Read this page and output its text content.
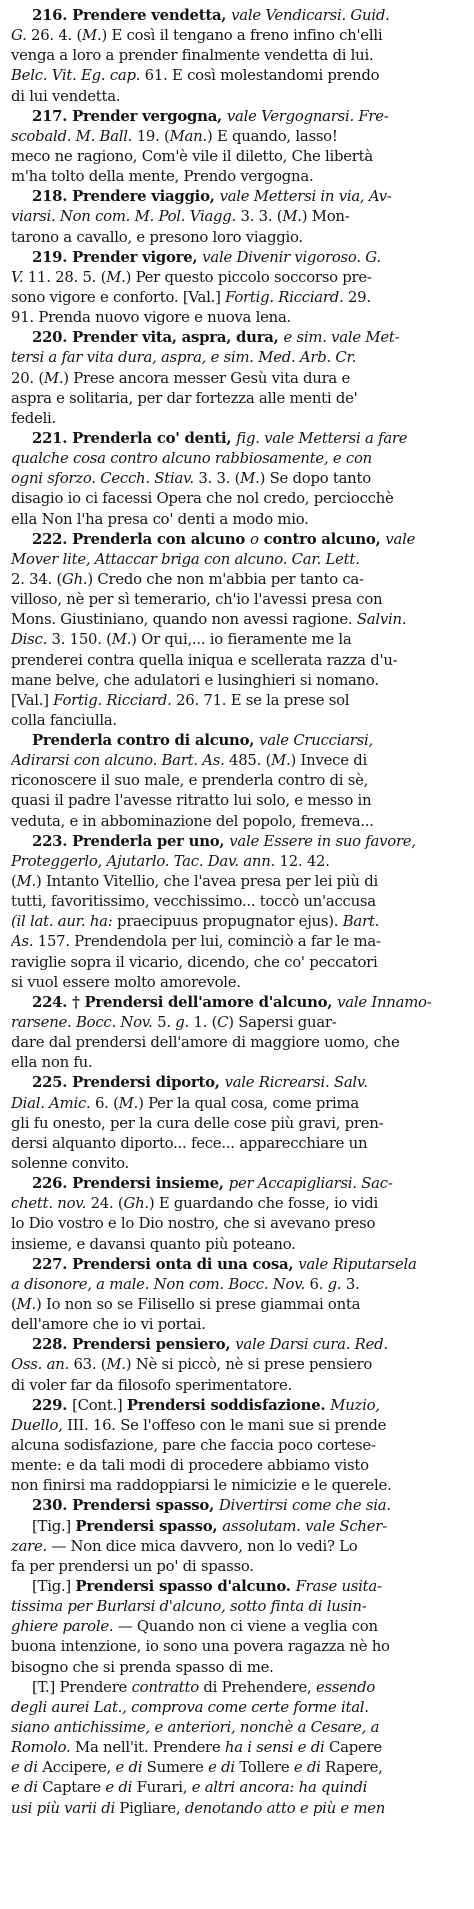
216. Prendere vendetta, vale Vendicarsi. Guid.
G. 26. 4. (M.) E così il tengano a freno infino ch'elli
venga a loro a prender finalmente vendetta di lui.
Belc. Vit. Eg. cap. 61. E così molestandomi prendo
di lui vendetta.
217. Prender vergogna, vale Vergognarsi. Fre-
scobald. M. Ball. 19. (Man.) E quando, lasso!
meco ne ragiono, Com'è vile il diletto, Che libertà
m'ha tolto della mente, Prendo vergogna.
218. Prendere viaggio, vale Mettersi in via, Av-
viarsi. Non com. M. Pol. Viagg. 3. 3. (M.) Mon-
tarono a cavallo, e presono loro viaggio.
219. Prender vigore, vale Divenir vigoroso. G.
V. 11. 28. 5. (M.) Per questo piccolo soccorso pre-
sono vigore e conforto. [Val.] Fortig. Ricciard. 29.
91. Prenda nuovo vigore e nuova lena.
220. Prender vita, aspra, dura, e sim. vale Met-
tersi a far vita dura, aspra, e sim. Med. Arb. Cr.
20. (M.) Prese ancora messer Gesù vita dura e
aspra e solitaria, per dar fortezza alle menti de'
fedeli.
221. Prenderla co' denti, fig. vale Mettersi a fare
qualche cosa contro alcuno rabbiosamente, e con
ogni sforzo. Cecch. Stiav. 3. 3. (M.) Se dopo tanto
disagio io ci facessi Opera che nol credo, perciocchè
ella Non l'ha presa co' denti a modo mio.
222. Prenderla con alcuno o contro alcuno, vale
Mover lite, Attaccar briga con alcuno. Car. Lett.
2. 34. (Gh.) Credo che non m'abbia per tanto ca-
villoso, nè per sì temerario, ch'io l'avessi presa con
Mons. Giustiniano, quando non avessi ragione. Salvin.
Disc. 3. 150. (M.) Or qui,... io fieramente me la
prenderei contra quella iniqua e scellerata razza d'u-
mane belve, che adulatori e lusinghieri si nomano.
[Val.] Fortig. Ricciard. 26. 71. E se la prese sol
colla fanciulla.
Prenderla contro di alcuno, vale Crucciarsi,
Adirarsi con alcuno. Bart. As. 485. (M.) Invece di
riconoscere il suo male, e prenderla contro di sè,
quasi il padre l'avesse ritratto lui solo, e messo in
veduta, e in abbominazione del popolo, fremeva...
223. Prenderla per uno, vale Essere in suo favore,
Proteggerlo, Ajutarlo. Tac. Dav. ann. 12. 42.
(M.) Intanto Vitellio, che l'avea presa per lei più di
tutti, favoritissimo, vecchissimo... toccò un'accusa
(il lat. aur. ha: praecipuus propugnator ejus). Bart.
As. 157. Prendendola per lui, cominciò a far le ma-
raviglie sopra il vicario, dicendo, che co' peccatori
si vuol essere molto amorevole.
224. † Prendersi dell'amore d'alcuno, vale Innamo-
rarsene. Bocc. Nov. 5. g. 1. (C) Sapersi guar-
dare dal prendersi dell'amore di maggiore uomo, che
ella non fu.
225. Prendersi diporto, vale Ricrearsi. Salv.
Dial. Amic. 6. (M.) Per la qual cosa, come prima
gli fu onesto, per la cura delle cose più gravi, pren-
dersi alquanto diporto... fece... apparecchiare un
solenne convito.
226. Prendersi insieme, per Accapigliarsi. Sac-
chett. nov. 24. (Gh.) E guardando che fosse, io vidi
lo Dio vostro e lo Dio nostro, che si avevano preso
insieme, e davansi quanto più poteano.
227. Prendersi onta di una cosa, vale Riputarsela
a disonore, a male. Non com. Bocc. Nov. 6. g. 3.
(M.) Io non so se Filisello si prese giammai onta
dell'amore che io vi portai.
228. Prendersi pensiero, vale Darsi cura. Red.
Oss. an. 63. (M.) Nè si piccò, nè si prese pensiero
di voler far da filosofo sperimentatore.
229. [Cont.] Prendersi soddisfazione. Muzio,
Duello, III. 16. Se l'offeso con le mani sue si prende
alcuna sodisfazione, pare che faccia poco cortese-
mente: e da tali modi di procedere abbiamo visto
non finirsi ma raddoppiarsi le nimicizie e le querele.
230. Prendersi spasso, Divertirsi come che sia.
[Tig.] Prendersi spasso, assolutam. vale Scher-
zare. — Non dice mica davvero, non lo vedi? Lo
fa per prendersi un po' di spasso.
[Tig.] Prendersi spasso d'alcuno. Frase usita-
tissima per Burlarsi d'alcuno, sotto finta di lusin-
ghiere parole. — Quando non ci viene a veglia con
buona intenzione, io sono una povera ragazza nè ho
bisogno che si prenda spasso di me.
[T.] Prendere contratto di Prehendere, essendo
degli aurei Lat., comprova come certe forme ital.
siano antichissime, e anteriori, nonchè a Cesare, a
Romolo. Ma nell'it. Prendere ha i sensi e di Capere
e di Accipere, e di Sumere e di Tollere e di Rapere,
e di Captare e di Furari, e altri ancora: ha quindi
usi più varii di Pigliare, denotando atto e più e men
